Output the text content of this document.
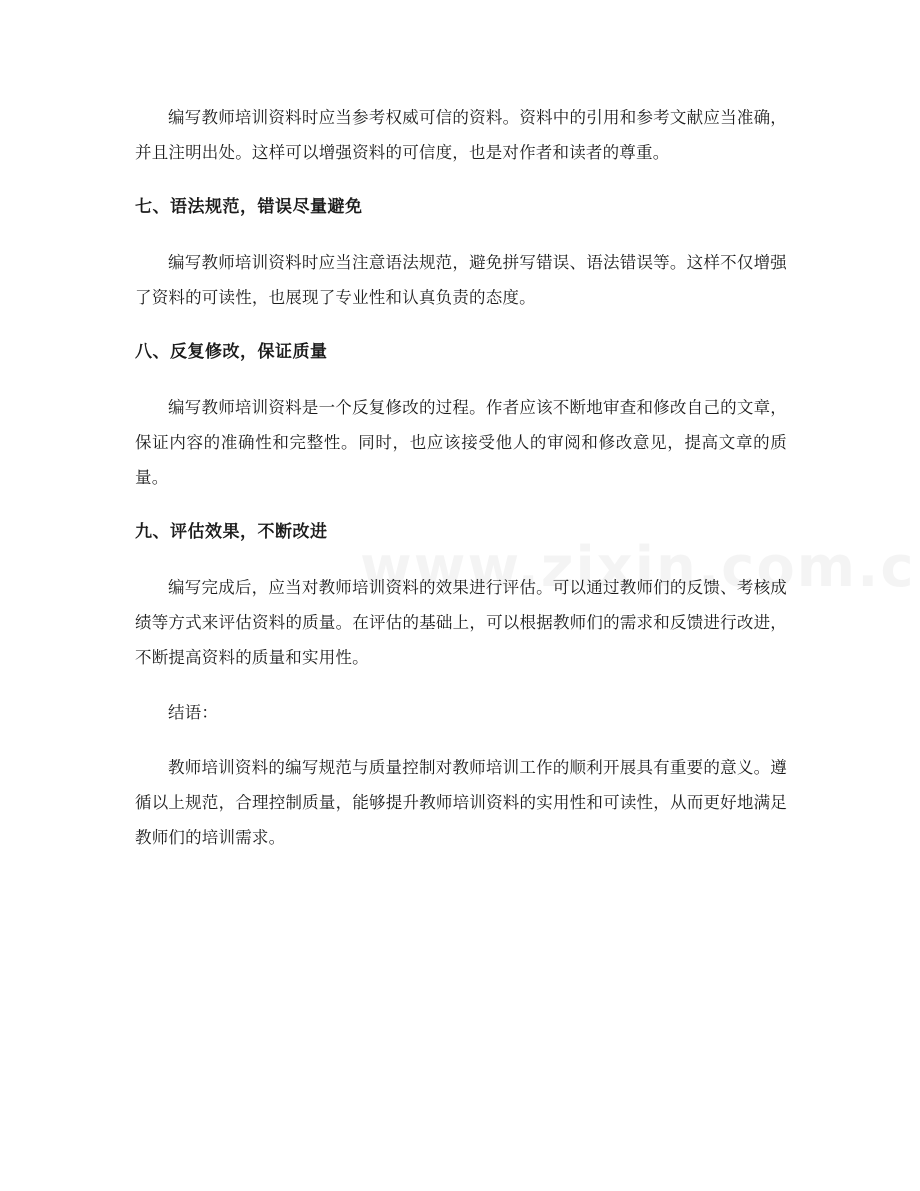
编写教师培训资料时应当参考权威可信的资料。资料中的引用和参考文献应当准确，并且注明出处。这样可以增强资料的可信度，也是对作者和读者的尊重。

七、语法规范，错误尽量避免

编写教师培训资料时应当注意语法规范，避免拼写错误、语法错误等。这样不仅增强了资料的可读性，也展现了专业性和认真负责的态度。

八、反复修改，保证质量

编写教师培训资料是一个反复修改的过程。作者应该不断地审查和修改自己的文章，保证内容的准确性和完整性。同时，也应该接受他人的审阅和修改意见，提高文章的质量。

九、评估效果，不断改进

编写完成后，应当对教师培训资料的效果进行评估。可以通过教师们的反馈、考核成绩等方式来评估资料的质量。在评估的基础上，可以根据教师们的需求和反馈进行改进，不断提高资料的质量和实用性。

结语：

教师培训资料的编写规范与质量控制对教师培训工作的顺利开展具有重要的意义。遵循以上规范，合理控制质量，能够提升教师培训资料的实用性和可读性，从而更好地满足教师们的培训需求。
